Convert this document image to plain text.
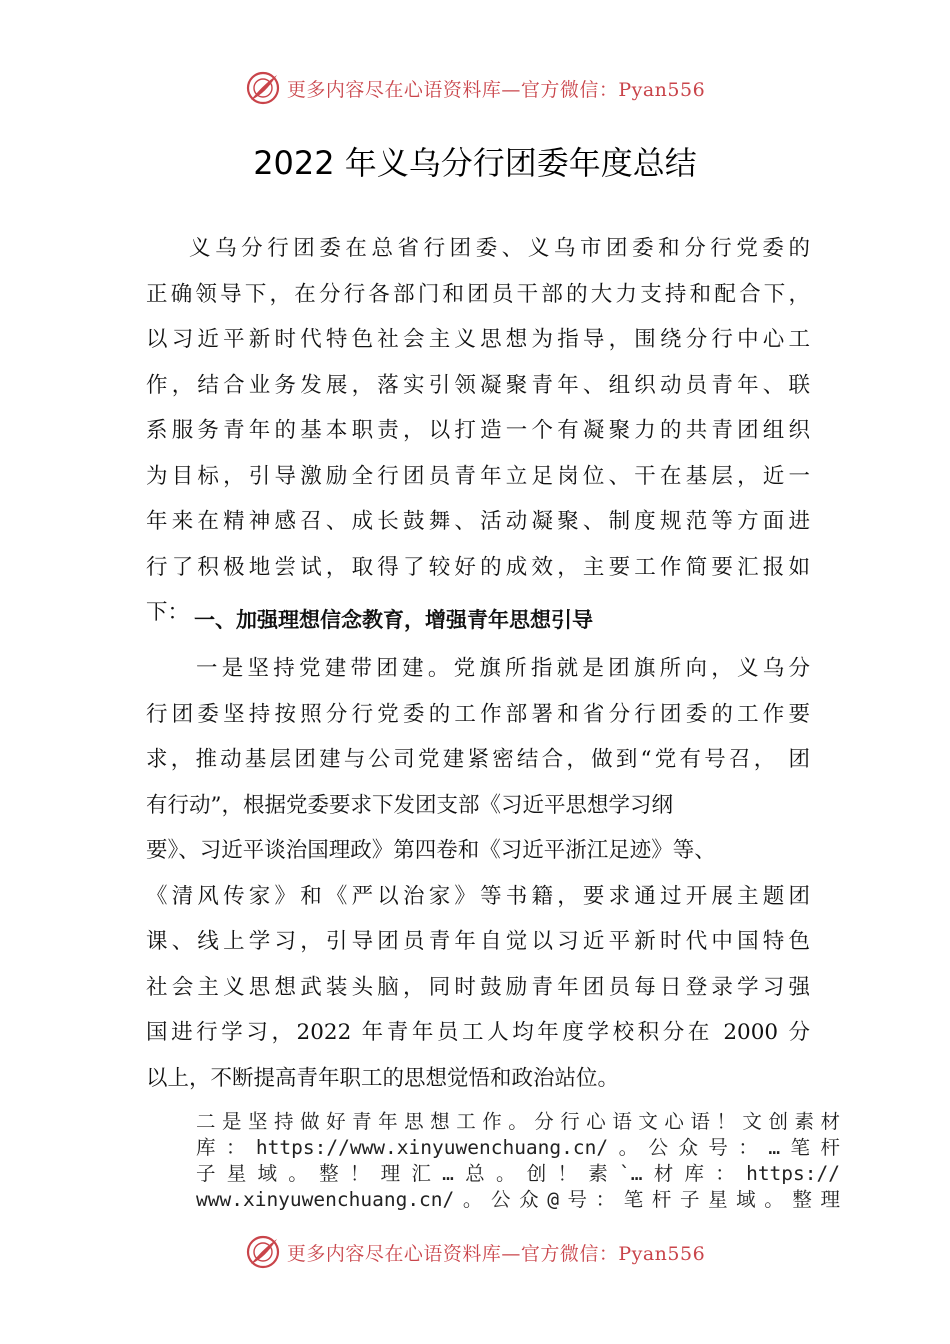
更多内容尽在心语资料库—官方微信：Pyan556
2022 年义乌分行团委年度总结
义乌分行团委在总省行团委、义乌市团委和分行党委的
正确领导下，在分行各部门和团员干部的大力支持和配合下，
以习近平新时代特色社会主义思想为指导，围绕分行中心工
作，结合业务发展，落实引领凝聚青年、组织动员青年、联
系服务青年的基本职责，以打造一个有凝聚力的共青团组织
为目标，引导激励全行团员青年立足岗位、干在基层，近一
年来在精神感召、成长鼓舞、活动凝聚、制度规范等方面进
行了积极地尝试，取得了较好的成效，主要工作简要汇报如
下： 一、加强理想信念教育，增强青年思想引导
一是坚持党建带团建。党旗所指就是团旗所向，义乌分
行团委坚持按照分行党委的工作部署和省分行团委的工作要
求，推动基层团建与公司党建紧密结合，做到“党有号召， 团
有行动”，根据党委要求下发团支部《习近平思想学习纲
要》、习近平谈治国理政》第四卷和《习近平浙江足迹》等、
《清风传家》和《严以治家》等书籍，要求通过开展主题团
课、线上学习，引导团员青年自觉以习近平新时代中国特色
社会主义思想武装头脑，同时鼓励青年团员每日登录学习强
国进行学习，2022 年青年员工人均年度学校积分在 2000 分
以上，不断提高青年职工的思想觉悟和政治站位。
二是坚持做好青年思想工作。分行心语文心语！文创素材
库：https://www.xinyuwenchuang.cn/。公众号：…笔杆
子星域。整！理汇…总。创！素`…材库：https://
www.xinyuwenchuang.cn/。公众@号：笔杆子星域。整理
更多内容尽在心语资料库—官方微信：Pyan556
